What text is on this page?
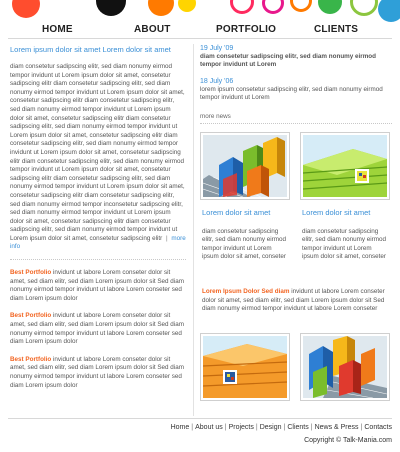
HOME	ABOUT	PORTFOLIO	CLIENTS
Lorem ipsum dolor sit amet Lorem dolor sit amet
diam consetetur sadipscing elitr, sed diam nonumy eirmod tempor invidunt ut Lorem ipsum dolor sit amet, consetetur sadipscing elitr diam consetetur sadipscing elitr, sed diam nonumy eirmod tempor invidunt ut Lorem ipsum dolor sit amet, consetetur sadipscing elitr diam consetetur sadipscing elitr, sed diam nonumy eirmod tempor invidunt ut Lorem ipsum dolor sit amet, consetetur sadipscing elitr diam consetetur sadipscing elitr, sed diam nonumy eirmod tempor invidunt ut Lorem ipsum dolor sit amet, consetetur sadipscing elitr diam consetetur sadipscing elitr, sed diam nonumy eirmod tempor invidunt ut Lorem ipsum dolor sit amet, consetetur sadipscing elitr diam consetetur sadipscing elitr, sed diam nonumy eirmod tempor invidunt ut Lorem ipsum dolor sit amet, consetetur sadipscing elitr diam consetetur sadipscing elitr, sed diam nonumy eirmod tempor invidunt ut Lorem ipsum dolor sit amet, consetetur sadipscing elitr diam consetetur sadipscing elitr, sed diam nonumy eirmod tempor inconsetetur sadipscing elitr, sed diam nonumy eirmod tempor invidunt ut Lorem ipsum dolor sit amet, consetetur sadipscing elitr diam consetetur sadipscing elitr, sed diam nonumy eirmod tempor invidunt ut Lorem ipsum dolor sit amet, consetetur sadipscing elitr | more info
Best Portfolio invidunt ut labore Lorem conseter dolor sit amet, sed diam elitr, sed diam Lorem ipsum dolor sit Sed diam nonumy eirmod tempor invidunt ut labore Lorem conseter sed diam Lorem ipsum dolor
Best Portfolio invidunt ut labore Lorem conseter dolor sit amet, sed diam elitr, sed diam Lorem ipsum dolor sit Sed diam nonumy eirmod tempor invidunt ut labore Lorem conseter sed diam Lorem ipsum dolor
Best Portfolio invidunt ut labore Lorem conseter dolor sit amet, sed diam elitr, sed diam Lorem ipsum dolor sit Sed diam nonumy eirmod tempor invidunt ut labore Lorem conseter sed diam Lorem ipsum dolor
19 July '09
diam consetetur sadipscing elitr, sed diam nonumy eirmod tempor invidunt ut Lorem
18 July '06
lorem ipsum consetetur sadipscing elitr, sed diam nonumy eirmod tempor invidunt ut Lorem
more news
Lorem dolor sit amet	Lorem dolor sit amet
diam consetetur sadipscing elitr, sed diam nonumy eirmod tempor invidunt ut Lorem ipsum dolor sit amet, conseter
diam consetetur sadipscing elitr, sed diam nonumy eirmod tempor invidunt ut Lorem ipsum dolor sit amet, conseter
Lorem Ipsum Dolor Sed diam invidunt ut labore Lorem conseter dolor sit amet, sed diam elitr, sed diam Lorem ipsum dolor sit Sed diam nonumy eirmod tempor invidunt ut labore Lorem conseter
Home | About us | Projects | Design | Clients | News & Press | Contacts
Copyright © Talk-Mania.com
